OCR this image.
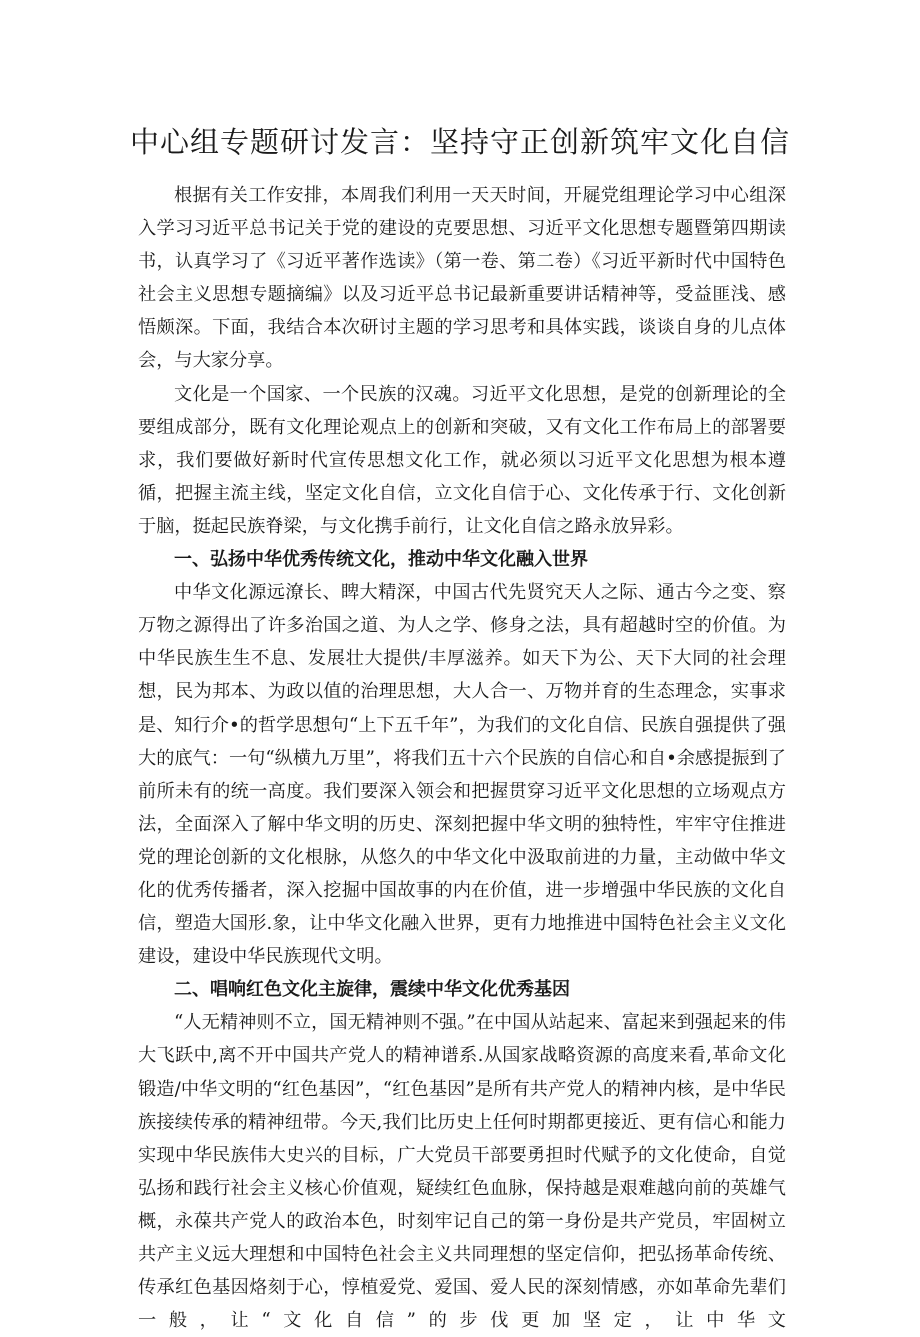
中心组专题研讨发言：坚持守正创新筑牢文化自信

根据有关工作安排，本周我们利用一天天时间，开屣党组理论学习中心组深入学习习近平总书记关于党的建设的克要思想、习近平文化思想专题暨第四期读书，认真学习了《习近平著作选读》（第一卷、第二卷）《习近平新时代中国特色社会主义思想专题摘编》以及习近平总书记最新重要讲话精神等，受益匪浅、感悟颇深。下面，我结合本次研讨主题的学习思考和具体实践，谈谈自身的儿点体会，与大家分享。

文化是一个国家、一个民族的汉魂。习近平文化思想，是党的创新理论的全要组成部分，既有文化理论观点上的创新和突破，又有文化工作布局上的部署要求，我们要做好新时代宣传思想文化工作，就必须以习近平文化思想为根本遵循，把握主流主线，坚定文化自信，立文化自信于心、文化传承于行、文化创新于脑，挺起民族脊梁，与文化携手前行，让文化自信之路永放异彩。

一、弘扬中华优秀传统文化，推动中华文化融入世界

中华文化源远潦长、睥大精深，中国古代先贤究天人之际、通古今之变、察万物之源得出了许多治国之道、为人之学、修身之法，具有超越时空的价值。为中华民族生生不息、发展壮大提供/丰厚滋养。如天下为公、天下大同的社会理想，民为邦本、为政以值的治理思想，大人合一、万物并育的生态理念，实事求是、知行介•的哲学思想句“上下五千年”，为我们的文化自信、民族自强提供了强大的底气：一句“纵横九万里”，将我们五十六个民族的自信心和自•余感提振到了前所未有的统一高度。我们要深入领会和把握贯穿习近平文化思想的立场观点方法，全面深入了解中华文明的历史、深刻把握中华文明的独特性，牢牢守住推进党的理论创新的文化根脉，从悠久的中华文化中汲取前进的力量，主动做中华文化的优秀传播者，深入挖掘中国故事的内在价值，进一步增强中华民族的文化自信，塑造大国形.象，让中华文化融入世界，更有力地推进中国特色社会主义文化建设，建设中华民族现代文明。

二、唱响红色文化主旋律，震续中华文化优秀基因

“人无精神则不立，国无精神则不强。”在中国从站起来、富起来到强起来的伟大飞跃中,离不开中国共产党人的精神谱系.从国家战略资源的高度来看,革命文化锻造/中华文明的“红色基因”，“红色基因”是所有共产党人的精神内核，是中华民族接续传承的精神纽带。今天,我们比历史上任何时期都更接近、更有信心和能力实现中华民族伟大史兴的目标，广大党员干部要勇担时代赋予的文化使命，自觉弘扬和践行社会主义核心价值观，疑续红色血脉，保持越是艰难越向前的英雄气概，永葆共产党人的政治本色，时刻牢记自己的第一身份是共产党员，牢固树立共产主义远大理想和中国特色社会主义共同理想的坚定信仰，把弘扬革命传统、传承红色基因烙刻于心，惇植爱党、爱国、爱人民的深刻情感，亦如革命先辈们一般，让“文化自信”的步伐更加坚定，让中华文
